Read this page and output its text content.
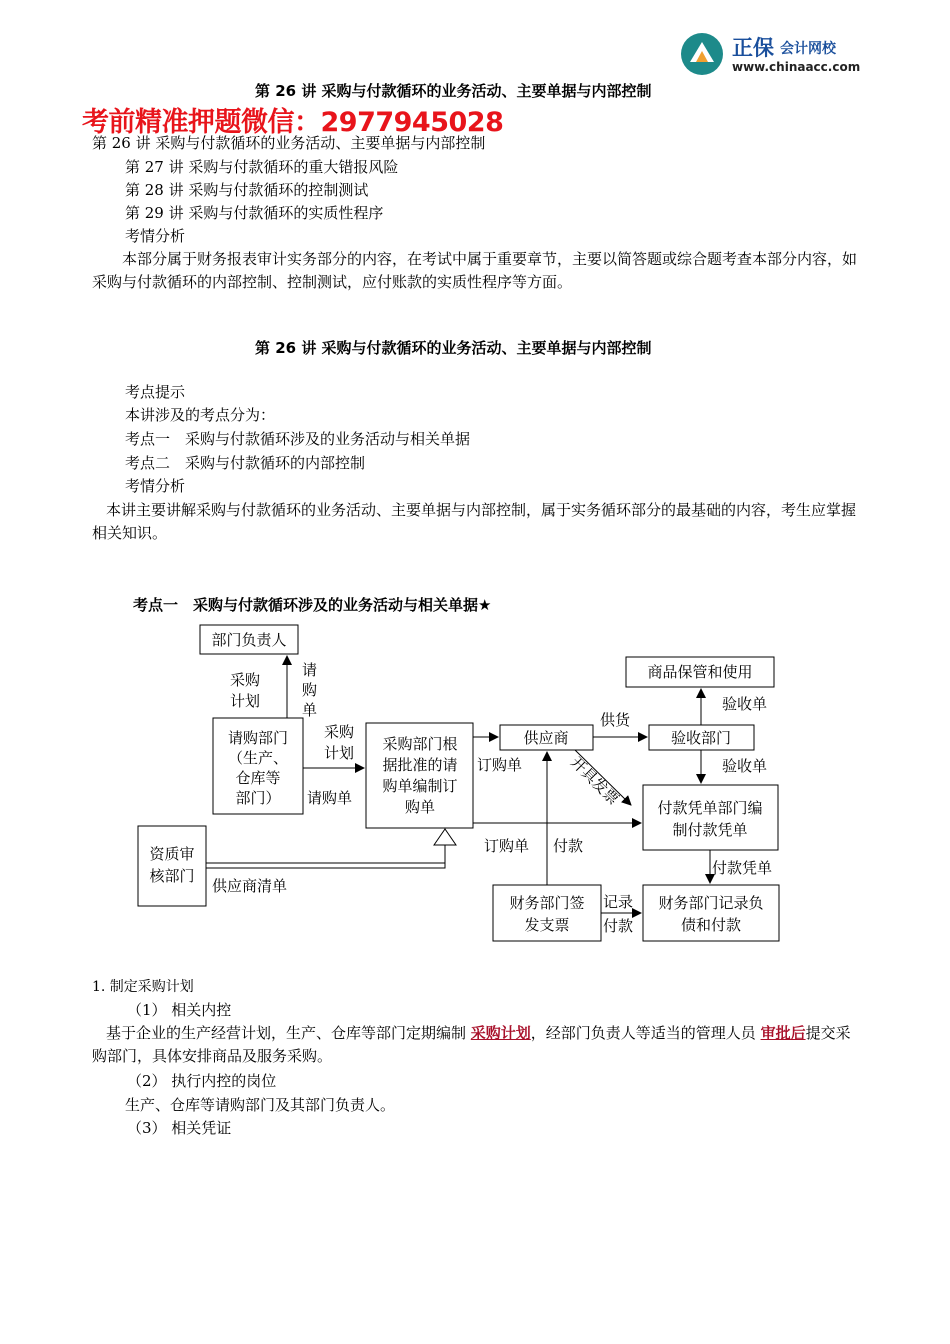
正保 会计网校
www.chinaacc.com
第 26 讲 采购与付款循环的业务活动、主要单据与内部控制
考前精准押题微信：2977945028
第 26 讲 采购与付款循环的业务活动、主要单据与内部控制
第 27 讲 采购与付款循环的重大错报风险
第 28 讲 采购与付款循环的控制测试
第 29 讲 采购与付款循环的实质性程序
考情分析
本部分属于财务报表审计实务部分的内容，在考试中属于重要章节，主要以简答题或综合题考查本部分内容，如采购与付款循环的内部控制、控制测试，应付账款的实质性程序等方面。
第 26 讲 采购与付款循环的业务活动、主要单据与内部控制
考点提示
本讲涉及的考点分为：
考点一　采购与付款循环涉及的业务活动与相关单据
考点二　采购与付款循环的内部控制
考情分析
本讲主要讲解采购与付款循环的业务活动、主要单据与内部控制，属于实务循环部分的最基础的内容，考生应掌握相关知识。
考点一　采购与付款循环涉及的业务活动与相关单据★
部门负责人
请购部门
（生产、
仓库等
部门）
采购部门根
据批准的请
购单编制订
购单
资质审
核部门
供应商	验收部门
商品保管和使用
付款凭单部门编
制付款凭单
财务部门签
发支票
财务部门记录负
债和付款
采购
计划
请
购
单
采购
计划
请购单
供应商清单
订购单
订购单 付款
供货
验收单
验收单
开具发票
付款凭单
记录
付款
1. 制定采购计划
（1） 相关内控
基于企业的生产经营计划，生产、仓库等部门定期编制 采购计划，经部门负责人等适当的管理人员 审批后提交采购部门，具体安排商品及服务采购。
（2） 执行内控的岗位
生产、仓库等请购部门及其部门负责人。
（3） 相关凭证
